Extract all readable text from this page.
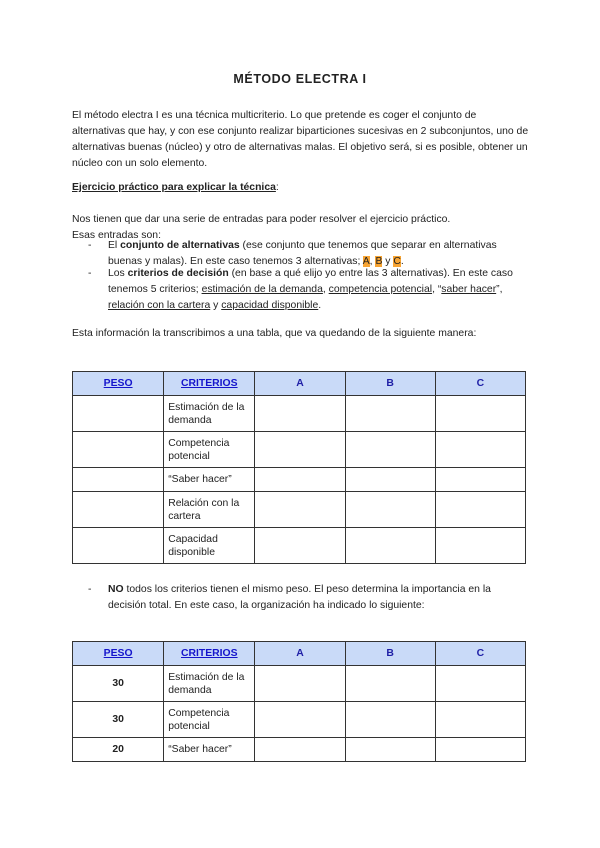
MÉTODO ELECTRA I
El método electra I es una técnica multicriterio. Lo que pretende es coger el conjunto de alternativas que hay, y con ese conjunto realizar biparticiones sucesivas en 2 subconjuntos, uno de alternativas buenas (núcleo) y otro de alternativas malas. El objetivo será, si es posible, obtener un núcleo con un solo elemento.
Ejercicio práctico para explicar la técnica:
Nos tienen que dar una serie de entradas para poder resolver el ejercicio práctico.
Esas entradas son:
- El conjunto de alternativas (ese conjunto que tenemos que separar en alternativas buenas y malas). En este caso tenemos 3 alternativas; A, B y C.
- Los criterios de decisión (en base a qué elijo yo entre las 3 alternativas). En este caso tenemos 5 criterios; estimación de la demanda, competencia potencial, “saber hacer”, relación con la cartera y capacidad disponible.
Esta información la transcribimos a una tabla, que va quedando de la siguiente manera:
PESO	CRITERIOS	A	B	C
	Estimación de la demanda			
	Competencia potencial			
	“Saber hacer”			
	Relación con la cartera			
	Capacidad disponible			
- NO todos los criterios tienen el mismo peso. El peso determina la importancia en la decisión total. En este caso, la organización ha indicado lo siguiente:
PESO	CRITERIOS	A	B	C
30	Estimación de la demanda			
30	Competencia potencial			
20	“Saber hacer”			
